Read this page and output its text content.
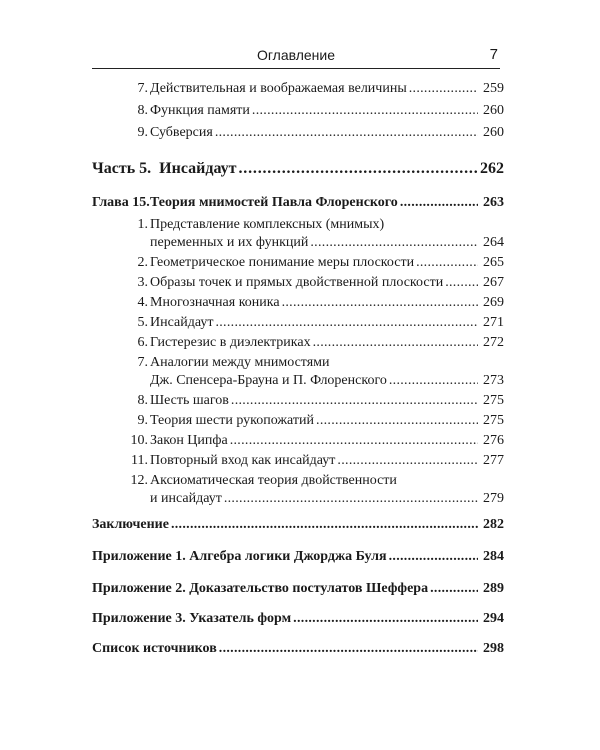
Оглавление	7
7. Действительная и воображаемая величины . . .	259
8. Функция памяти . . .	260
9. Субверсия . . .	260
Часть 5.
Инсайдаут . . .	262
Глава 15. Теория мнимостей Павла Флоренского . . .	263
1. Представление комплексных (мнимых)
переменных и их функций . . .	264
2. Геометрическое понимание меры плоскости . . .	265
3. Образы точек и прямых двойственной плоскости . . .	267
4. Многозначная коника . . .	269
5. Инсайдаут . . .	271
6. Гистерезис в диэлектриках . . .	272
7. Аналогии между мнимостями
Дж. Спенсера-Брауна и П. Флоренского . . .	273
8. Шесть шагов . . .	275
9. Теория шести рукопожатий . . .	275
10. Закон Ципфа . . .	276
11. Повторный вход как инсайдаут . . .	277
12. Аксиоматическая теория двойственности
и инсайдаут . . .	279
Заключение . . .	282
Приложение 1. Алгебра логики Джорджа Буля . . .	284
Приложение 2. Доказательство постулатов Шеффера . . .	289
Приложение 3. Указатель форм . . .	294
Список источников . . .	298
